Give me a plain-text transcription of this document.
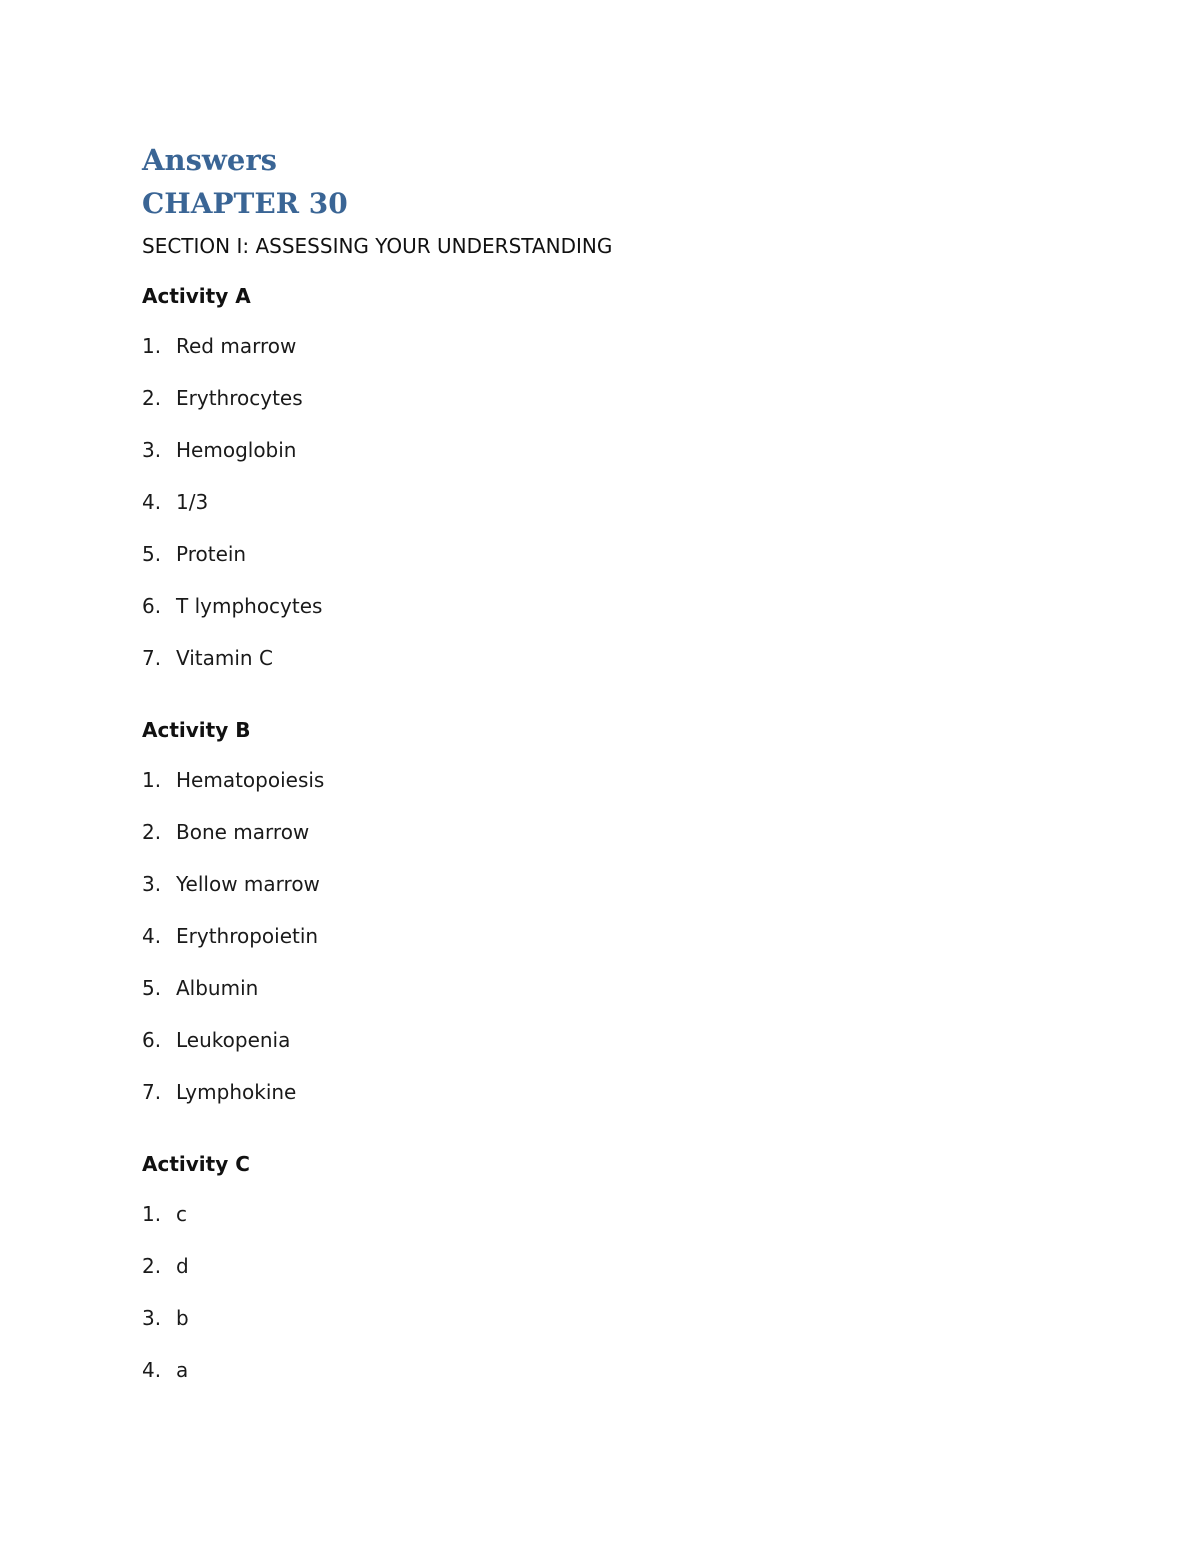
Answers
CHAPTER 30
SECTION I: ASSESSING YOUR UNDERSTANDING
Activity A
1. Red marrow
2. Erythrocytes
3. Hemoglobin
4. 1/3
5. Protein
6. T lymphocytes
7. Vitamin C
Activity B
1. Hematopoiesis
2. Bone marrow
3. Yellow marrow
4. Erythropoietin
5. Albumin
6. Leukopenia
7. Lymphokine
Activity C
1. c
2. d
3. b
4. a
